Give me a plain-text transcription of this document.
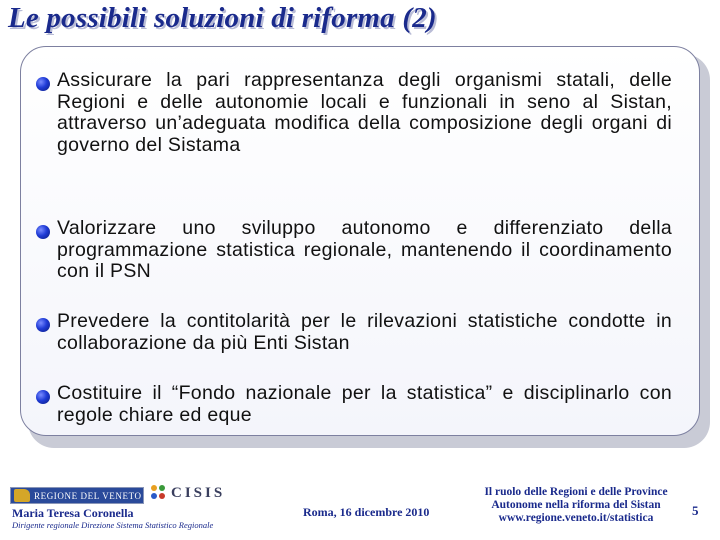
Le possibili soluzioni di riforma (2)
Assicurare la pari rappresentanza degli organismi statali, delle Regioni e delle autonomie locali e funzionali in seno al Sistan, attraverso un’adeguata modifica della composizione degli organi di governo del Sistama
Valorizzare uno sviluppo autonomo e differenziato della programmazione statistica regionale, mantenendo il coordinamento con il PSN
Prevedere la contitolarità per le rilevazioni statistiche condotte in collaborazione da più Enti Sistan
Costituire il “Fondo nazionale per la statistica” e disciplinarlo con regole chiare ed eque
REGIONE DEL VENETO CISIS
Maria Teresa Coronella
Dirigente regionale Direzione Sistema Statistico Regionale
Roma, 16 dicembre 2010
Il ruolo delle Regioni e delle Province
Autonome nella riforma del Sistan
www.regione.veneto.it/statistica	5
